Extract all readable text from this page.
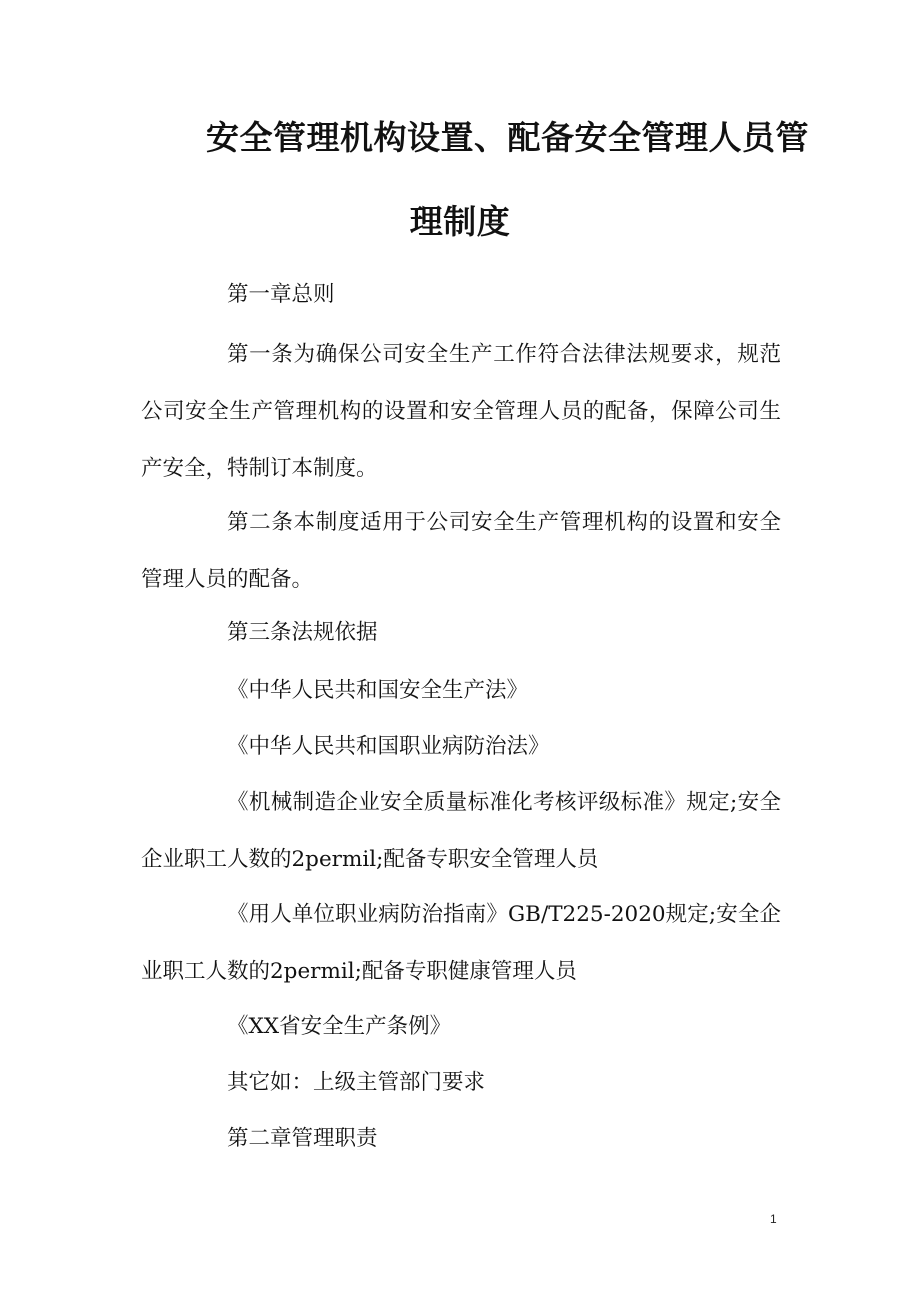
安全管理机构设置、配备安全管理人员管
理制度
第一章总则
第一条为确保公司安全生产工作符合法律法规要求，规范公司安全生产管理机构的设置和安全管理人员的配备，保障公司生产安全，特制订本制度。
第二条本制度适用于公司安全生产管理机构的设置和安全管理人员的配备。
第三条法规依据
《中华人民共和国安全生产法》
《中华人民共和国职业病防治法》
《机械制造企业安全质量标准化考核评级标准》规定;安全企业职工人数的2permil;配备专职安全管理人员
《用人单位职业病防治指南》GB/T225-2020规定;安全企业职工人数的2permil;配备专职健康管理人员
《XX省安全生产条例》
其它如：上级主管部门要求
第二章管理职责
1
